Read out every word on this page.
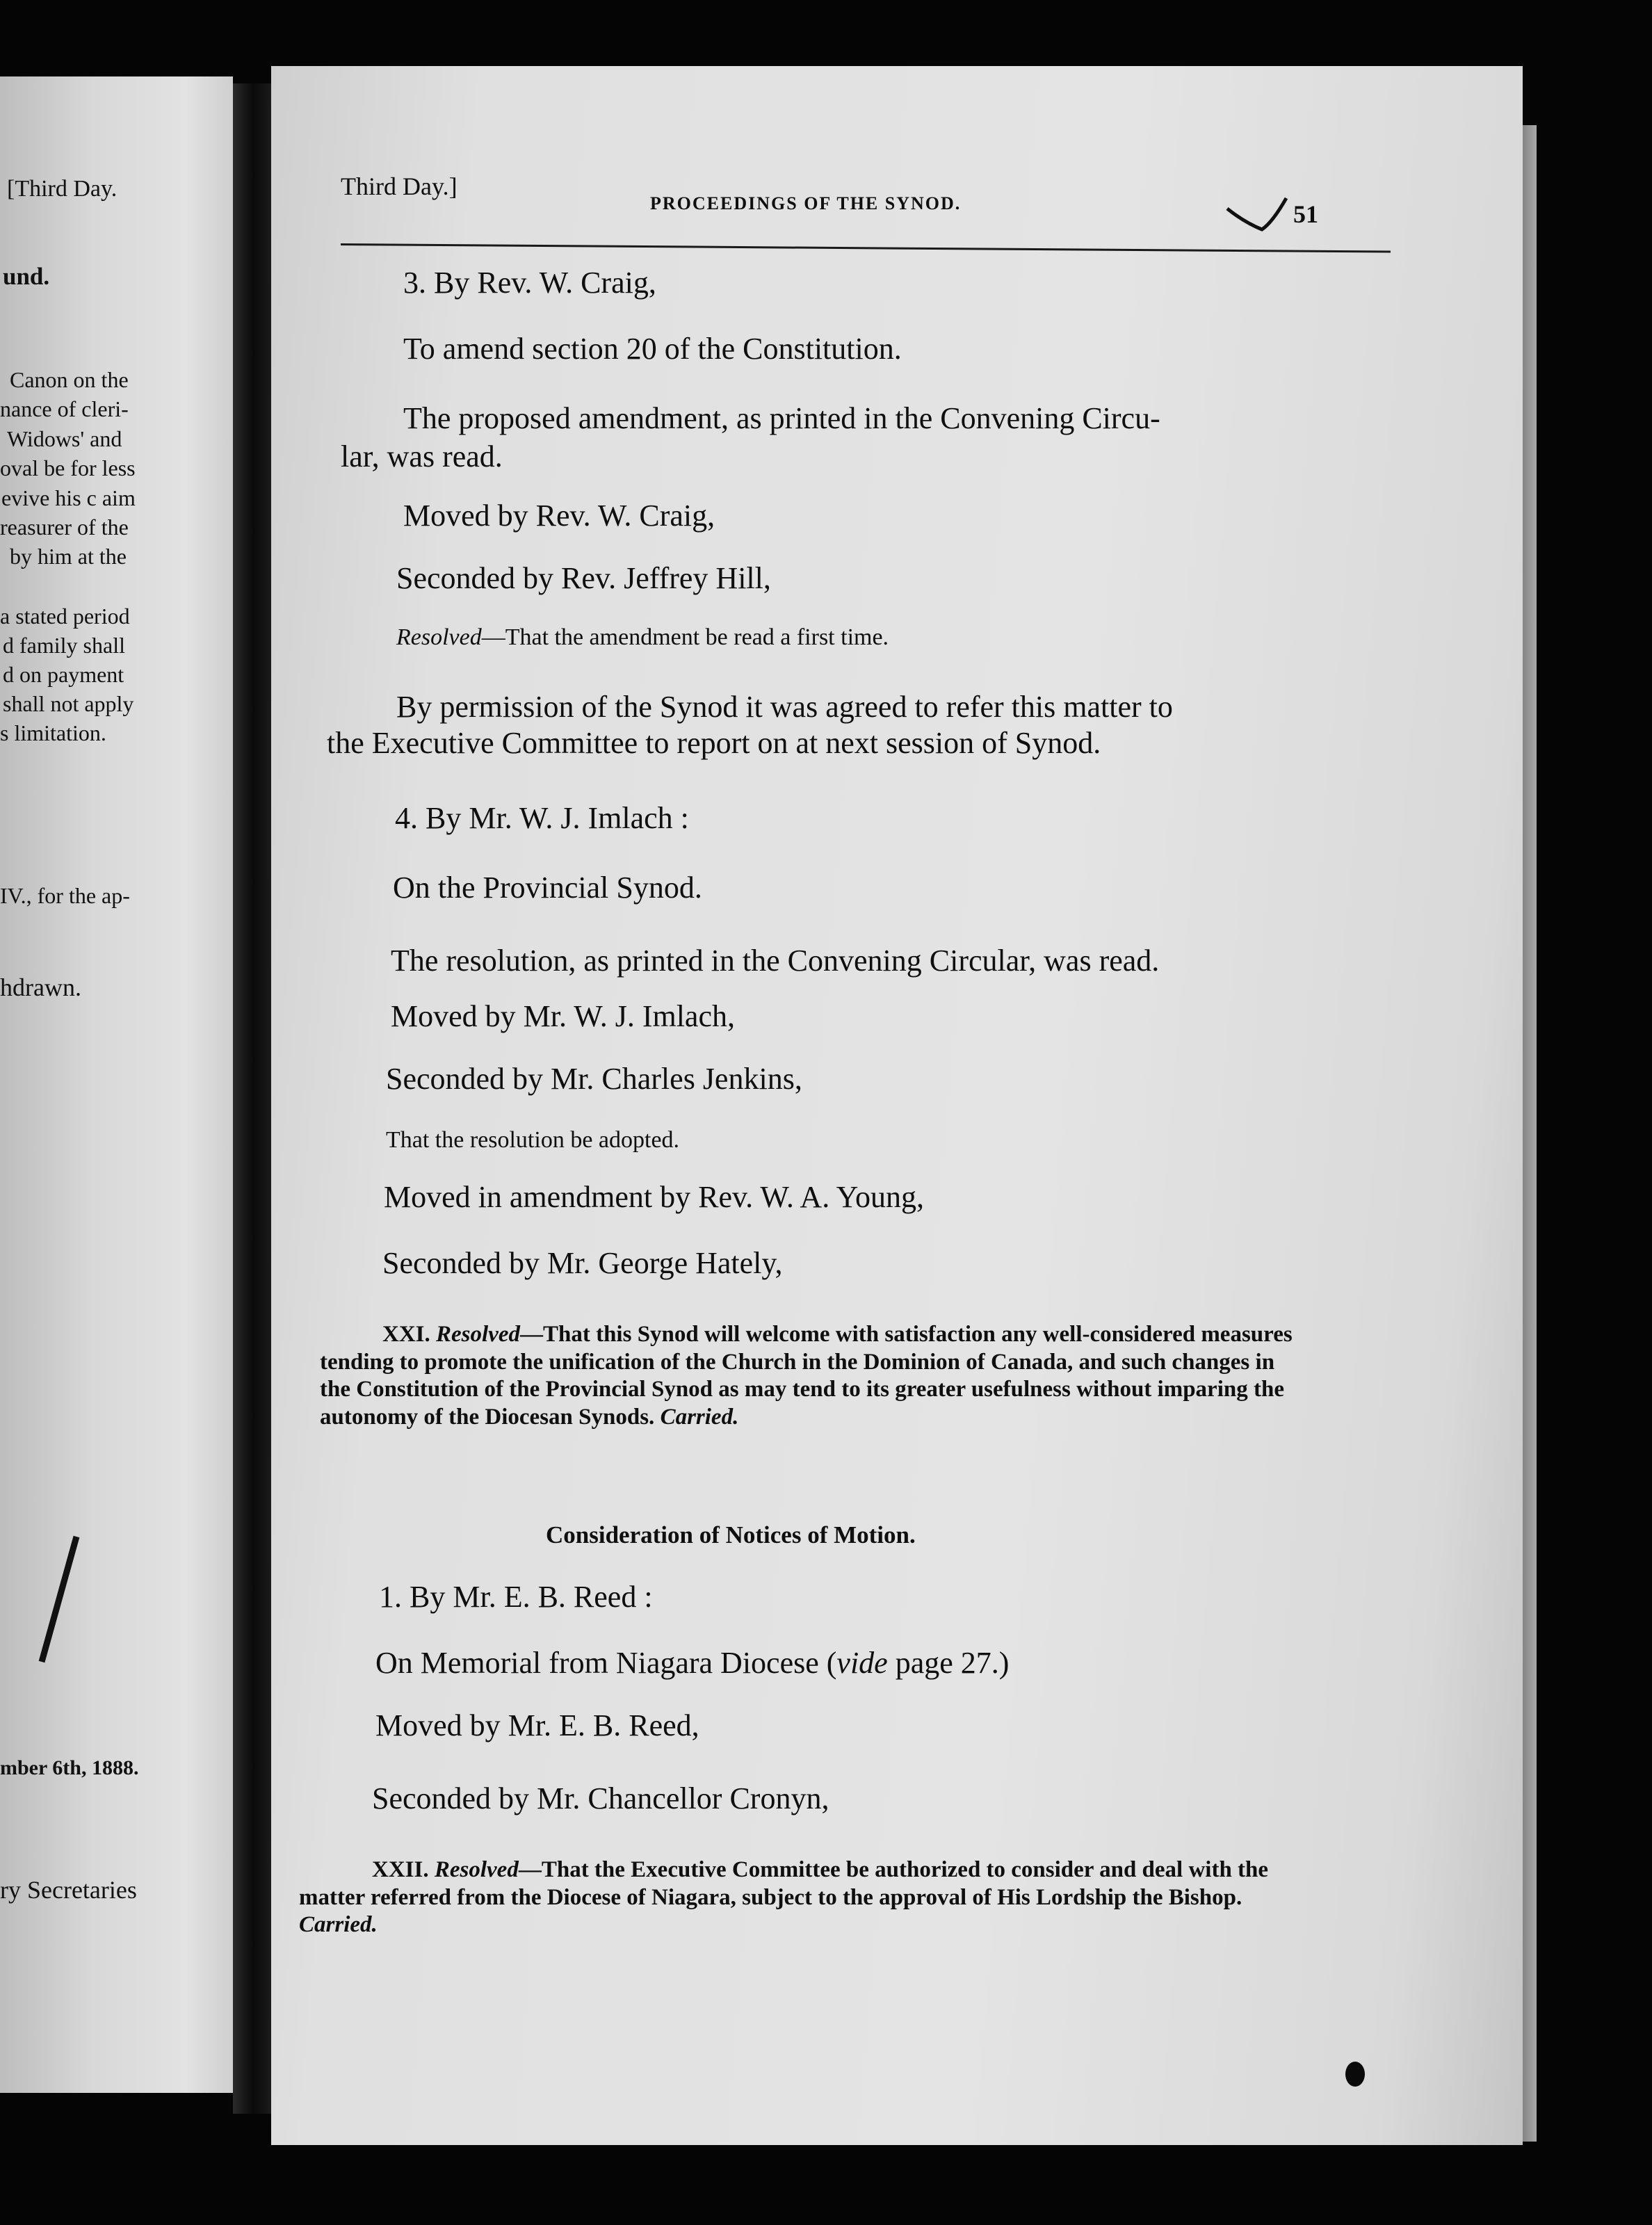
[Third Day.
und.
Canon on the
nance of cleri-
Widows' and
oval be for less
evive his c aim
reasurer of the
by him at the
a stated period
d family shall
d on payment
shall not apply
s limitation.
IV., for the ap-
hdrawn.
mber 6th, 1888.
ry Secretaries
Third Day.]
PROCEEDINGS OF THE SYNOD.	51
3. By Rev. W. Craig,
To amend section 20 of the Constitution.
The proposed amendment, as printed in the Convening Circu-
lar, was read.
Moved by Rev. W. Craig,
Seconded by Rev. Jeffrey Hill,
Resolved—That the amendment be read a first time.
By permission of the Synod it was agreed to refer this matter to
the Executive Committee to report on at next session of Synod.
4. By Mr. W. J. Imlach :
On the Provincial Synod.
The resolution, as printed in the Convening Circular, was read.
Moved by Mr. W. J. Imlach,
Seconded by Mr. Charles Jenkins,
That the resolution be adopted.
Moved in amendment by Rev. W. A. Young,
Seconded by Mr. George Hately,
XXI. Resolved—That this Synod will welcome with satisfaction any well-considered measures tending to promote the unification of the Church in the Dominion of Canada, and such changes in the Constitution of the Provincial Synod as may tend to its greater usefulness without imparing the autonomy of the Diocesan Synods. Carried.
Consideration of Notices of Motion.
1. By Mr. E. B. Reed :
On Memorial from Niagara Diocese (vide page 27.)
Moved by Mr. E. B. Reed,
Seconded by Mr. Chancellor Cronyn,
XXII. Resolved—That the Executive Committee be authorized to consider and deal with the matter referred from the Diocese of Niagara, subject to the approval of His Lordship the Bishop. Carried.
